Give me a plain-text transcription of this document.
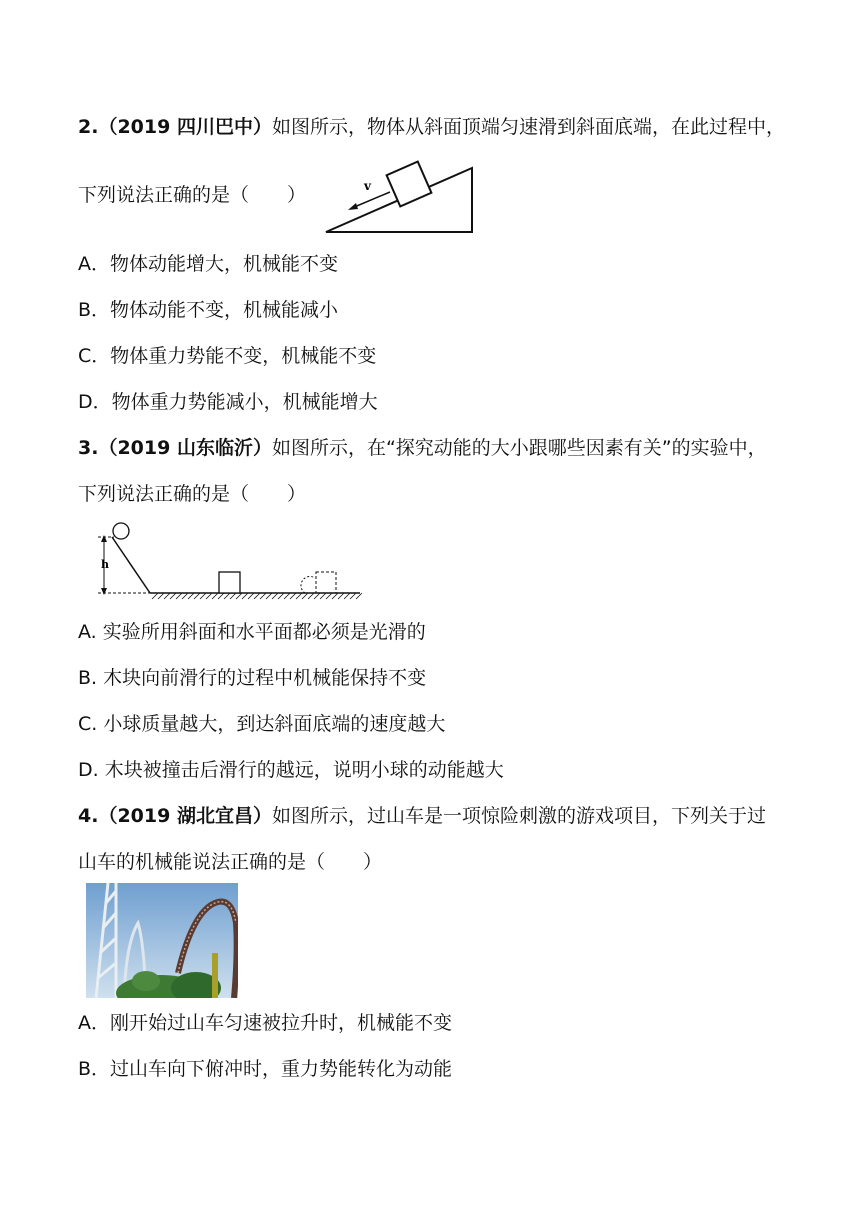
2.（2019 四川巴中）如图所示，物体从斜面顶端匀速滑到斜面底端，在此过程中，
下列说法正确的是（　　）	v
A．物体动能增大，机械能不变
B．物体动能不变，机械能减小
C．物体重力势能不变，机械能不变
D．物体重力势能减小，机械能增大
3.（2019 山东临沂）如图所示，在“探究动能的大小跟哪些因素有关”的实验中，
下列说法正确的是（　　）
h
A. 实验所用斜面和水平面都必须是光滑的
B. 木块向前滑行的过程中机械能保持不变
C. 小球质量越大，到达斜面底端的速度越大
D. 木块被撞击后滑行的越远，说明小球的动能越大
4.（2019 湖北宜昌）如图所示，过山车是一项惊险刺激的游戏项目，下列关于过
山车的机械能说法正确的是（　　）
A．刚开始过山车匀速被拉升时，机械能不变
B．过山车向下俯冲时，重力势能转化为动能
